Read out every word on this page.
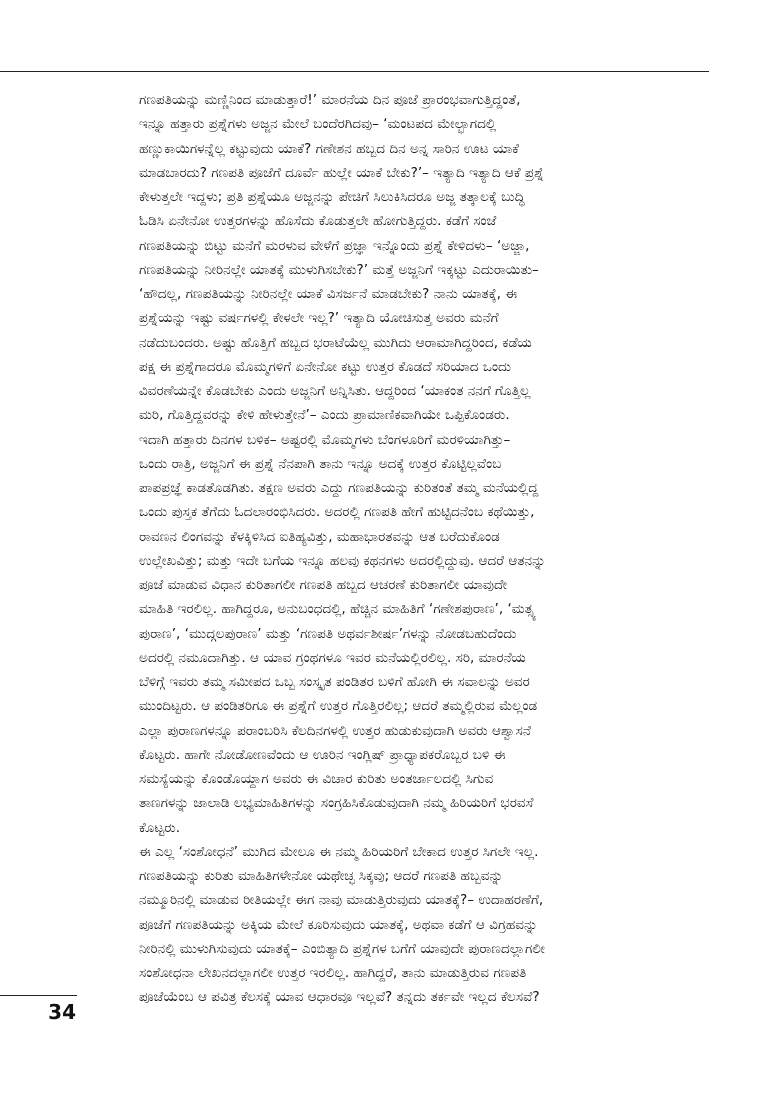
ಗಣಪತಿಯನ್ನು ಮಣ್ಣಿನಿಂದ ಮಾಡುತ್ತಾರೆ!’ ಮಾರನೆಯ ದಿನ ಪೂಜೆ ಪ್ರಾರಂಭವಾಗುತ್ತಿದ್ದಂತೆ,
ಇನ್ನೂ ಹತ್ತಾರು ಪ್ರಶ್ನೆಗಳು ಅಜ್ಜನ ಮೇಲೆ ಬಂದೆರಗಿದವು– ‘ಮಂಟಪದ ಮೇಲ್ಭಾಗದಲ್ಲಿ
ಹಣ್ಣುಕಾಯಿಗಳನ್ನೆಲ್ಲ ಕಟ್ಟುವುದು ಯಾಕೆ? ಗಣೇಶನ ಹಬ್ಬದ ದಿನ ಅನ್ನ ಸಾರಿನ ಊಟ ಯಾಕೆ
ಮಾಡಬಾರದು? ಗಣಪತಿ ಪೂಜೆಗೆ ದೂರ್ವೆ ಹುಲ್ಲೇ ಯಾಕೆ ಬೇಕು?’– ಇತ್ಯಾದಿ ಇತ್ಯಾದಿ ಆಕೆ ಪ್ರಶ್ನೆ
ಕೇಳುತ್ತಲೇ ಇದ್ದಳು; ಪ್ರತಿ ಪ್ರಶ್ನೆಯೂ ಅಜ್ಜನನ್ನು ಪೇಚಿಗೆ ಸಿಲುಕಿಸಿದರೂ ಅಜ್ಜ ತತ್ಕಾಲಕ್ಕೆ ಬುದ್ಧಿ
ಓಡಿಸಿ ಏನೇನೋ ಉತ್ತರಗಳನ್ನು ಹೊಸೆದು ಕೊಡುತ್ತಲೇ ಹೋಗುತ್ತಿದ್ದರು. ಕಡೆಗೆ ಸಂಜೆ
ಗಣಪತಿಯನ್ನು ಬಿಟ್ಟು ಮನೆಗೆ ಮರಳುವ ವೇಳೆಗೆ ಪ್ರಜ್ಞಾ ಇನ್ನೊಂದು ಪ್ರಶ್ನೆ ಕೇಳಿದಳು– ‘ಅಜ್ಜಾ,
ಗಣಪತಿಯನ್ನು ನೀರಿನಲ್ಲೇ ಯಾತಕ್ಕೆ ಮುಳುಗಿಸಬೇಕು?’ ಮತ್ತೆ ಅಜ್ಜನಿಗೆ ಇಕ್ಕಟ್ಟು ಎದುರಾಯಿತು–
‘ಹೌದಲ್ಲ, ಗಣಪತಿಯನ್ನು ನೀರಿನಲ್ಲೇ ಯಾಕೆ ವಿಸರ್ಜನೆ ಮಾಡಬೇಕು? ನಾನು ಯಾತಕ್ಕೆ, ಈ
ಪ್ರಶ್ನೆಯನ್ನು ಇಷ್ಟು ವರ್ಷಗಳಲ್ಲಿ ಕೇಳಲೇ ಇಲ್ಲ?’ ಇತ್ಯಾದಿ ಯೋಚಿಸುತ್ತ ಅವರು ಮನೆಗೆ
ನಡೆದುಬಂದರು. ಅಷ್ಟು ಹೊತ್ತಿಗೆ ಹಬ್ಬದ ಭರಾಟೆಯೆಲ್ಲ ಮುಗಿದು ಆರಾಮಾಗಿದ್ದರಿಂದ, ಕಡೆಯ
ಪಕ್ಷ ಈ ಪ್ರಶ್ನೆಗಾದರೂ ಮೊಮ್ಮಗಳಿಗೆ ಏನೇನೋ ಕಟ್ಟು ಉತ್ತರ ಕೊಡದೆ ಸರಿಯಾದ ಒಂದು
ವಿವರಣೆಯನ್ನೇ ಕೊಡಬೇಕು ಎಂದು ಅಜ್ಜನಿಗೆ ಅನ್ನಿಸಿತು. ಆದ್ದರಿಂದ ‘ಯಾಕಂತ ನನಗೆ ಗೊತ್ತಿಲ್ಲ
ಮರಿ, ಗೊತ್ತಿದ್ದವರನ್ನು ಕೇಳಿ ಹೇಳುತ್ತೇನೆ’– ಎಂದು ಪ್ರಾಮಾಣಿಕವಾಗಿಯೇ ಒಪ್ಪಿಕೊಂಡರು.
ಇದಾಗಿ ಹತ್ತಾರು ದಿನಗಳ ಬಳಿಕ– ಅಷ್ಟರಲ್ಲಿ ಮೊಮ್ಮಗಳು ಬೆಂಗಳೂರಿಗೆ ಮರಳಿಯಾಗಿತ್ತು–
ಒಂದು ರಾತ್ರಿ, ಅಜ್ಜನಿಗೆ ಈ ಪ್ರಶ್ನೆ ನೆನಪಾಗಿ ತಾನು ಇನ್ನೂ ಅದಕ್ಕೆ ಉತ್ತರ ಕೊಟ್ಟಿಲ್ಲವೆಂಬ
ಪಾಪಪ್ರಜ್ಞೆ ಕಾಡತೊಡಗಿತು. ತಕ್ಷಣ ಅವರು ಎದ್ದು ಗಣಪತಿಯನ್ನು ಕುರಿತಂತೆ ತಮ್ಮ ಮನೆಯಲ್ಲಿದ್ದ
ಒಂದು ಪುಸ್ತಕ ತೆಗೆದು ಓದಲಾರಂಭಿಸಿದರು. ಅದರಲ್ಲಿ ಗಣಪತಿ ಹೇಗೆ ಹುಟ್ಟಿದನೆಂಬ ಕಥೆಯಿತ್ತು,
ರಾವಣನ ಲಿಂಗವನ್ನು ಕೆಳಕ್ಕಿಳಿಸಿದ ಐತಿಹ್ಯವಿತ್ತು, ಮಹಾಭಾರತವನ್ನು ಆತ ಬರೆದುಕೊಂಡ
ಉಲ್ಲೇಖವಿತ್ತು; ಮತ್ತು ಇದೇ ಬಗೆಯ ಇನ್ನೂ ಹಲವು ಕಥನಗಳು ಅದರಲ್ಲಿದ್ದುವು. ಆದರೆ ಆತನನ್ನು
ಪೂಜೆ ಮಾಡುವ ವಿಧಾನ ಕುರಿತಾಗಲೀ ಗಣಪತಿ ಹಬ್ಬದ ಆಚರಣೆ ಕುರಿತಾಗಲೀ ಯಾವುದೇ
ಮಾಹಿತಿ ಇರಲಿಲ್ಲ. ಹಾಗಿದ್ದರೂ, ಅನುಬಂಧದಲ್ಲಿ, ಹೆಚ್ಚಿನ ಮಾಹಿತಿಗೆ ‘ಗಣೇಶಪುರಾಣ’, ‘ಮತ್ಸ್ಯ
ಪುರಾಣ’, ‘ಮುದ್ಗಲಪುರಾಣ’ ಮತ್ತು ‘ಗಣಪತಿ ಅಥರ್ವಶೀರ್ಷ’ಗಳನ್ನು ನೋಡಬಹುದೆಂದು
ಅದರಲ್ಲಿ ನಮೂದಾಗಿತ್ತು. ಆ ಯಾವ ಗ್ರಂಥಗಳೂ ಇವರ ಮನೆಯಲ್ಲಿರಲಿಲ್ಲ. ಸರಿ, ಮಾರನೆಯ
ಬೆಳಿಗ್ಗೆ ಇವರು ತಮ್ಮ ಸಮೀಪದ ಒಬ್ಬ ಸಂಸ್ಕೃತ ಪಂಡಿತರ ಬಳಿಗೆ ಹೋಗಿ ಈ ಸವಾಲನ್ನು ಅವರ
ಮುಂದಿಟ್ಟರು. ಆ ಪಂಡಿತರಿಗೂ ಈ ಪ್ರಶ್ನೆಗೆ ಉತ್ತರ ಗೊತ್ತಿರಲಿಲ್ಲ; ಆದರೆ ತಮ್ಮಲ್ಲಿರುವ ಮೆಲ್ಲಂಡ
ಎಲ್ಲಾ ಪುರಾಣಗಳನ್ನೂ ಪರಾಂಬರಿಸಿ ಕೆಲದಿನಗಳಲ್ಲಿ ಉತ್ತರ ಹುಡುಕುವುದಾಗಿ ಅವರು ಆಶ್ವಾಸನೆ
ಕೊಟ್ಟರು. ಹಾಗೇ ನೋಡೋಣವೆಂದು ಆ ಊರಿನ ಇಂಗ್ಲಿಷ್ ಪ್ರಾಧ್ಯಾಪಕರೊಬ್ಬರ ಬಳಿ ಈ
ಸಮಸ್ಯೆಯನ್ನು ಕೊಂಡೊಯ್ದಾಗ ಅವರು ಈ ವಿಚಾರ ಕುರಿತು ಅಂತರ್ಜಾಲದಲ್ಲಿ ಸಿಗುವ
ತಾಣಗಳನ್ನು ಜಾಲಾಡಿ ಲಭ್ಯಮಾಹಿತಿಗಳನ್ನು ಸಂಗ್ರಹಿಸಿಕೊಡುವುದಾಗಿ ನಮ್ಮ ಹಿರಿಯರಿಗೆ ಭರವಸೆ
ಕೊಟ್ಟರು.
ಈ ಎಲ್ಲ ‘ಸಂಶೋಧನೆ’ ಮುಗಿದ ಮೇಲೂ ಈ ನಮ್ಮ ಹಿರಿಯರಿಗೆ ಬೇಕಾದ ಉತ್ತರ ಸಿಗಲೇ ಇಲ್ಲ.
ಗಣಪತಿಯನ್ನು ಕುರಿತು ಮಾಹಿತಿಗಳೇನೋ ಯಥೇಚ್ಛ ಸಿಕ್ಕವು; ಆದರೆ ಗಣಪತಿ ಹಬ್ಬವನ್ನು
ನಮ್ಮೂರಿನಲ್ಲಿ ಮಾಡುವ ರೀತಿಯಲ್ಲೇ ಈಗ ನಾವು ಮಾಡುತ್ತಿರುವುದು ಯಾತಕ್ಕೆ?– ಉದಾಹರಣೆಗೆ,
ಪೂಜೆಗೆ ಗಣಪತಿಯನ್ನು ಅಕ್ಕಿಯ ಮೇಲೆ ಕೂರಿಸುವುದು ಯಾತಕ್ಕೆ, ಅಥವಾ ಕಡೆಗೆ ಆ ವಿಗ್ರಹವನ್ನು
ನೀರಿನಲ್ಲಿ ಮುಳುಗಿಸುವುದು ಯಾತಕ್ಕೆ– ಎಂಬಿತ್ಯಾದಿ ಪ್ರಶ್ನೆಗಳ ಬಗೆಗೆ ಯಾವುದೇ ಪುರಾಣದಲ್ಲಾಗಲೀ
ಸಂಶೋಧನಾ ಲೇಖನದಲ್ಲಾಗಲೀ ಉತ್ತರ ಇರಲಿಲ್ಲ. ಹಾಗಿದ್ದರೆ, ತಾನು ಮಾಡುತ್ತಿರುವ ಗಣಪತಿ
ಪೂಜೆಯೆಂಬ ಆ ಪವಿತ್ರ ಕೆಲಸಕ್ಕೆ ಯಾವ ಆಧಾರವೂ ಇಲ್ಲವೆ? ತನ್ನದು ತರ್ಕವೇ ಇಲ್ಲದ ಕೆಲಸವೆ?
34
